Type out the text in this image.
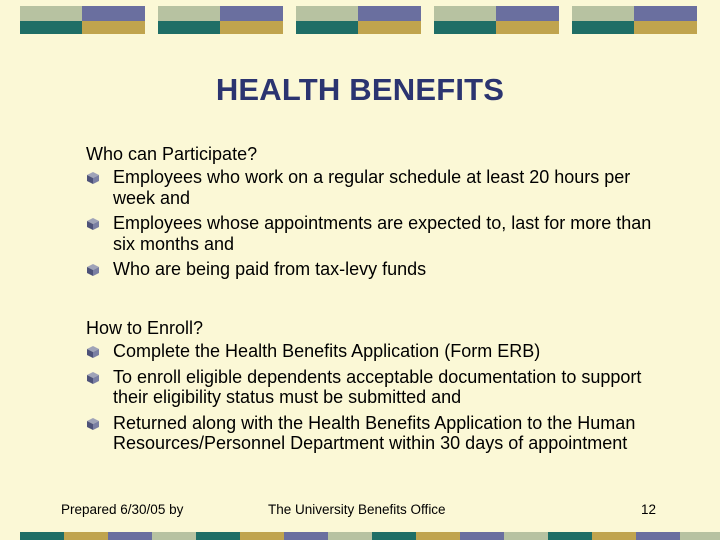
HEALTH BENEFITS
Who can Participate?
Employees who work on a regular schedule at least 20 hours per week and
Employees whose appointments are expected to, last for more than six months and
Who are being paid from tax-levy funds
How to Enroll?
Complete the Health Benefits Application (Form ERB)
To enroll eligible dependents acceptable documentation to support their eligibility status must be submitted and
Returned along with the Health Benefits Application to the Human Resources/Personnel Department within 30 days of appointment
Prepared 6/30/05 by	The University Benefits Office	12
